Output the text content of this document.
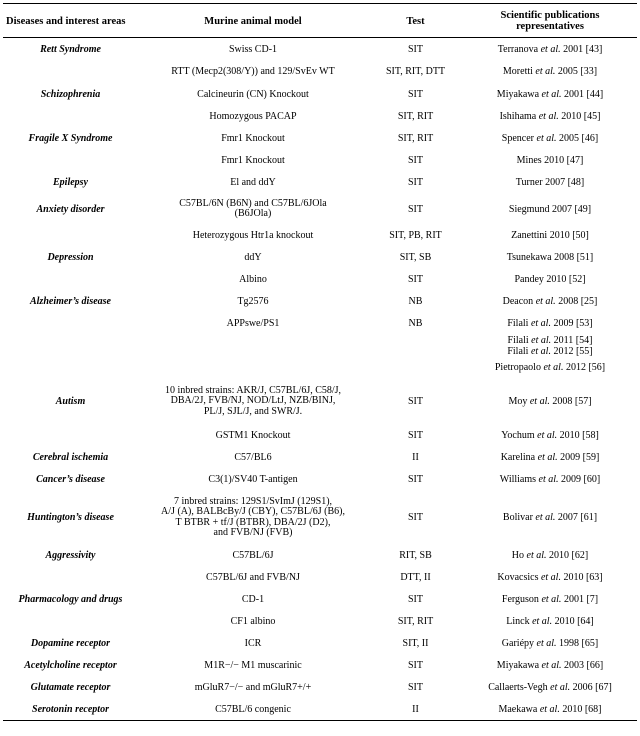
Diseases and interest areas	Murine animal model	Test	Scientific publications representatives
Rett Syndrome	Swiss CD-1	SIT	Terranova et al. 2001 [43]

	RTT (Mecp2(308/Y)) and 129/SvEv WT	SIT, RIT, DTT	Moretti et al. 2005 [33]

Schizophrenia	Calcineurin (CN) Knockout	SIT	Miyakawa et al. 2001 [44]

	Homozygous PACAP	SIT, RIT	Ishihama et al. 2010 [45]

Fragile X Syndrome	Fmr1 Knockout	SIT, RIT	Spencer et al. 2005 [46]

	Fmr1 Knockout	SIT	Mines 2010 [47]

Epilepsy	El and ddY	SIT	Turner 2007 [48]

Anxiety disorder	C57BL/6N (B6N) and C57BL/6JOla
(B6JOla)	SIT	Siegmund 2007 [49]

	Heterozygous Htr1a knockout	SIT, PB, RIT	Zanettini 2010 [50]

Depression	ddY	SIT, SB	Tsunekawa 2008 [51]

	Albino	SIT	Pandey 2010 [52]

Alzheimer’s disease	Tg2576	NB	Deacon et al. 2008 [25]

	APPswe/PS1	NB	Filali et al. 2009 [53]

			Filali et al. 2011 [54]
Filali et al. 2012 [55]

			Pietropaolo et al. 2012 [56]

Autism	10 inbred strains: AKR/J, C57BL/6J, C58/J,
DBA/2J, FVB/NJ, NOD/LtJ, NZB/BINJ,
PL/J, SJL/J, and SWR/J.	SIT	Moy et al. 2008 [57]

	GSTM1 Knockout	SIT	Yochum et al. 2010 [58]

Cerebral ischemia	C57/BL6	II	Karelina et al. 2009 [59]

Cancer’s disease	C3(1)/SV40 T-antigen	SIT	Williams et al. 2009 [60]

Huntington’s disease	7 inbred strains: 129S1/SvImJ (129S1),
A/J (A), BALBcBy/J (CBY), C57BL/6J (B6),
T BTBR + tf/J (BTBR), DBA/2J (D2),
and FVB/NJ (FVB)	SIT	Bolivar et al. 2007 [61]

Aggressivity	C57BL/6J	RIT, SB	Ho et al. 2010 [62]

	C57BL/6J and FVB/NJ	DTT, II	Kovacsics et al. 2010 [63]

Pharmacology and drugs	CD-1	SIT	Ferguson et al. 2001 [7]

	CF1 albino	SIT, RIT	Linck et al. 2010 [64]

Dopamine receptor	ICR	SIT, II	Gariépy et al. 1998 [65]

Acetylcholine receptor	M1R−/− M1 muscarinic	SIT	Miyakawa et al. 2003 [66]

Glutamate receptor	mGluR7−/− and mGluR7+/+	SIT	Callaerts-Vegh et al. 2006 [67]

Serotonin receptor	C57BL/6 congenic	II	Maekawa et al. 2010 [68]
